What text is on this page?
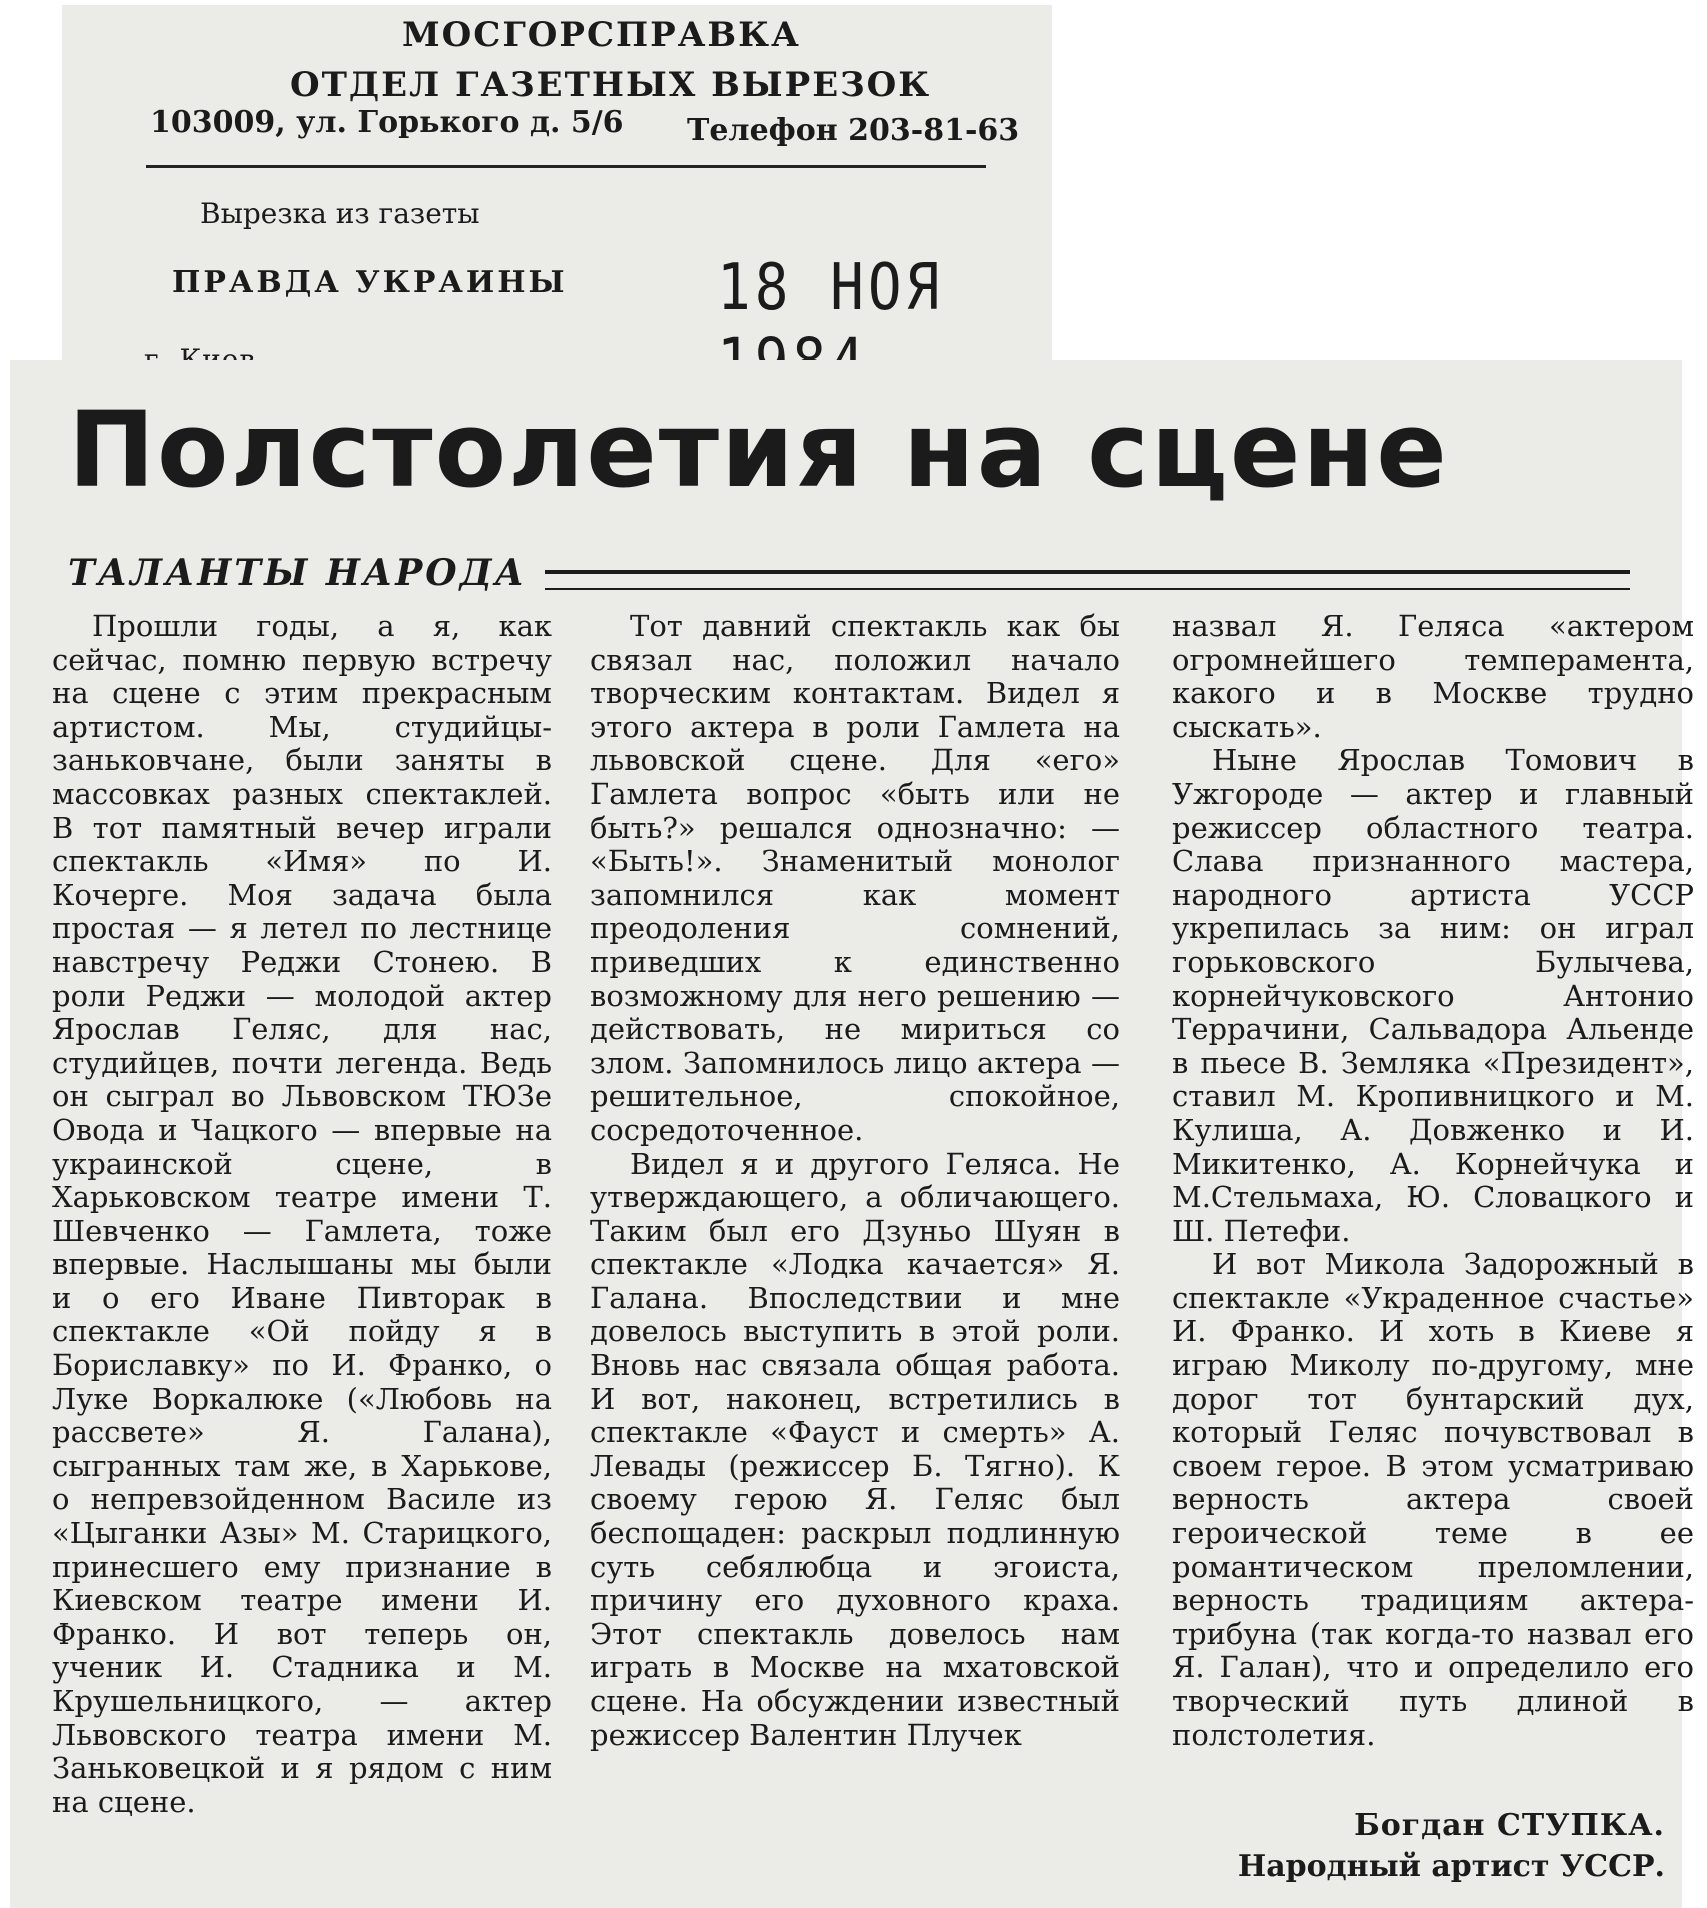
МОСГОРСПРАВКА
ОТДЕЛ ГАЗЕТНЫХ ВЫРЕЗОК
103009, ул. Горького д. 5/6 Телефон 203-81-63
Вырезка из газеты
ПРАВДА УКРАИНЫ	18 НОЯ
Полстолетия на сцене
ТАЛАНТЫ НАРОДА

Прошли годы, а я, как сейчас, помню первую встречу на сцене с этим прекрасным артистом. Мы, студийцы-заньковчане, были заняты в массовках разных спектаклей. В тот памятный вечер играли спектакль «Имя» по И. Кочерге. Моя задача была простая — я летел по лестнице навстречу Реджи Стонею. В роли Реджи — молодой актер Ярослав Геляс, для нас, студийцев, почти легенда. Ведь он сыграл во Львовском ТЮЗе Овода и Чацкого — впервые на украинской сцене, в Харьковском театре имени Т. Шевченко — Гамлета, тоже впервые. Наслышаны мы были и о его Иване Пивторак в спектакле «Ой пойду я в Бориславку» по И. Франко, о Луке Воркалюке («Любовь на рассвете» Я. Галана), сыгранных там же, в Харькове, о непревзойденном Василе из «Цыганки Азы» М. Старицкого, принесшего ему признание в Киевском театре имени И. Франко. И вот теперь он, ученик И. Стадника и М. Крушельницкого, — актер Львовского театра имени М. Заньковецкой и я рядом с ним на сцене.

Тот давний спектакль как бы связал нас, положил начало творческим контактам. Видел я этого актера в роли Гамлета на львовской сцене. Для «его» Гамлета вопрос «быть или не быть?» решался однозначно: — «Быть!». Знаменитый монолог запомнился как момент преодоления сомнений, приведших к единственно возможному для него решению — действовать, не мириться со злом. Запомнилось лицо актера — решительное, спокойное, сосредоточенное.

Видел я и другого Геляса. Не утверждающего, а обличающего. Таким был его Дзуньо Шуян в спектакле «Лодка качается» Я. Галана. Впоследствии и мне довелось выступить в этой роли. Вновь нас связала общая работа. И вот, наконец, встретились в спектакле «Фауст и смерть» А. Левады (режиссер Б. Тягно). К своему герою Я. Геляс был беспощаден: раскрыл подлинную суть себялюбца и эгоиста, причину его духовного краха. Этот спектакль довелось нам играть в Москве на мхатовской сцене. На обсуждении известный режиссер Валентин Плучек

назвал Я. Геляса «актером огромнейшего темперамента, какого и в Москве трудно сыскать».

Ныне Ярослав Томович в Ужгороде — актер и главный режиссер областного театра. Слава признанного мастера, народного артиста УССР укрепилась за ним: он играл горьковского Булычева, корнейчуковского Антонио Террачини, Сальвадора Альенде в пьесе В. Земляка «Президент», ставил М. Кропивницкого и М. Кулиша, А. Довженко и И. Микитенко, А. Корнейчука и М.Стельмаха, Ю. Словацкого и Ш. Петефи.

И вот Микола Задорожный в спектакле «Украденное счастье» И. Франко. И хоть в Киеве я играю Миколу по-другому, мне дорог тот бунтарский дух, который Геляс почувствовал в своем герое. В этом усматриваю верность актера своей героической теме в ее романтическом преломлении, верность традициям актера-трибуна (так когда-то назвал его Я. Галан), что и определило его творческий путь длиной в полстолетия.

Богдан СТУПКА.
Народный артист УССР.
